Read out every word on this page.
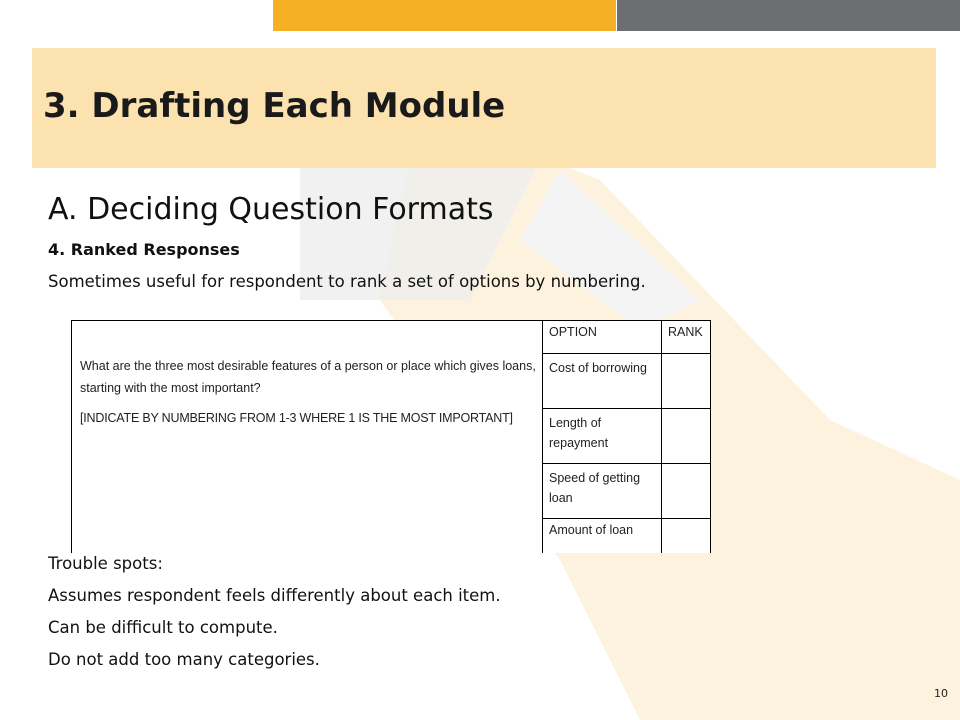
3. Drafting Each Module
A. Deciding Question Formats
4. Ranked Responses
Sometimes useful for respondent to rank a set of options by numbering.
Trouble spots:
Assumes respondent feels differently about each item.
Can be difficult to compute.
Do not add too many categories.
What are the three most desirable features of a person or place which gives loans, starting with the most important?
[INDICATE BY NUMBERING FROM 1-3 WHERE 1 IS THE MOST IMPORTANT]
OPTION	RANK
Cost of borrowing
Length of repayment
Speed of getting loan
Amount of loan
10
